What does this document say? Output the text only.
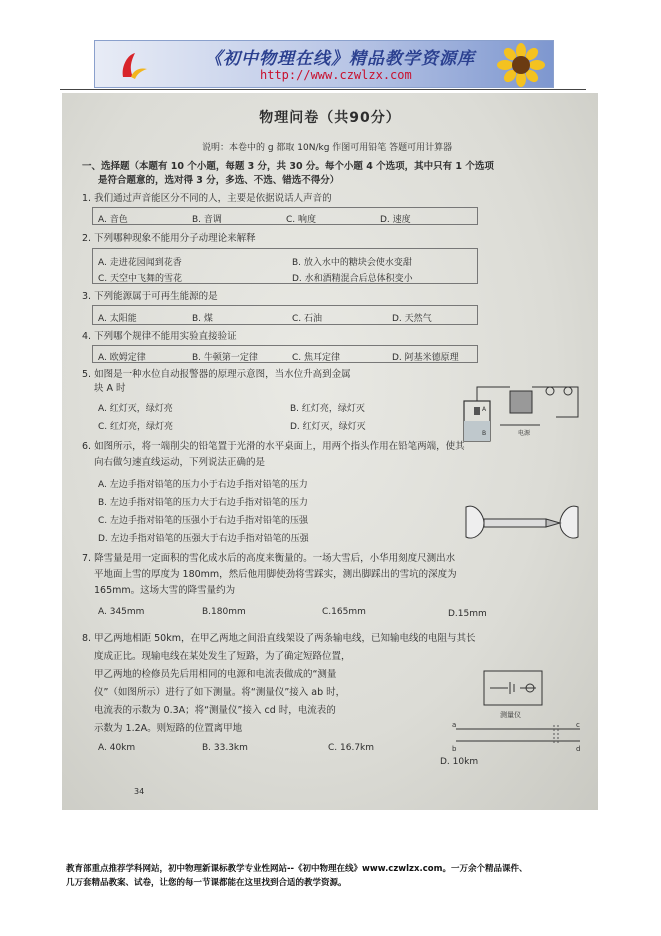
《初中物理在线》精品教学资源库
http://www.czwlzx.com
物理问卷（共90分）
说明：本卷中的 g 都取 10N/kg 作图可用铅笔 答题可用计算器
一、选择题（本题有 10 个小题，每题 3 分，共 30 分。每个小题 4 个选项，其中只有 1 个选项
是符合题意的，选对得 3 分，多选、不选、错选不得分）
1. 我们通过声音能区分不同的人，主要是依据说话人声音的
A. 音色	B. 音调	C. 响度	D. 速度
2. 下列哪种现象不能用分子动理论来解释
A. 走进花园闻到花香	B. 放入水中的糖块会使水变甜
C. 天空中飞舞的雪花	D. 水和酒精混合后总体积变小
3. 下列能源属于可再生能源的是
A. 太阳能	B. 煤	C. 石油	D. 天然气
4. 下列哪个规律不能用实验直接验证
A. 欧姆定律	B. 牛顿第一定律	C. 焦耳定律	D. 阿基米德原理
5. 如图是一种水位自动报警器的原理示意图，当水位升高到金属
块 A 时
A. 红灯灭，绿灯亮	B. 红灯亮，绿灯灭
C. 红灯亮，绿灯亮	D. 红灯灭，绿灯灭
A
B	电源
6. 如图所示，将一端削尖的铅笔置于光滑的水平桌面上，用两个指头作用在铅笔两端，使其
向右做匀速直线运动，下列说法正确的是
A. 左边手指对铅笔的压力小于右边手指对铅笔的压力
B. 左边手指对铅笔的压力大于右边手指对铅笔的压力
C. 左边手指对铅笔的压强小于右边手指对铅笔的压强
D. 左边手指对铅笔的压强大于右边手指对铅笔的压强
7. 降雪量是用一定面积的雪化成水后的高度来衡量的。一场大雪后，小华用刻度尺测出水
平地面上雪的厚度为 180mm，然后他用脚使劲将雪踩实，测出脚踩出的雪坑的深度为
165mm。这场大雪的降雪量约为
A. 345mm	B.180mm	C.165mm	D.15mm
8. 甲乙两地相距 50km，在甲乙两地之间沿直线架设了两条输电线，已知输电线的电阻与其长
度成正比。现输电线在某处发生了短路，为了确定短路位置，
甲乙两地的检修员先后用相同的电源和电流表做成的“测量
仪”（如图所示）进行了如下测量。将“测量仪”接入 ab 时，
电流表的示数为 0.3A；将“测量仪”接入 cd 时，电流表的
示数为 1.2A。则短路的位置离甲地
A. 40km	B. 33.3km	C. 16.7km
D. 10km
测量仪
a
b
c
d
34
教育部重点推荐学科网站，初中物理新课标教学专业性网站--《初中物理在线》www.czwlzx.com。一万余个精品课件、
几万套精品教案、试卷，让您的每一节课都能在这里找到合适的教学资源。
